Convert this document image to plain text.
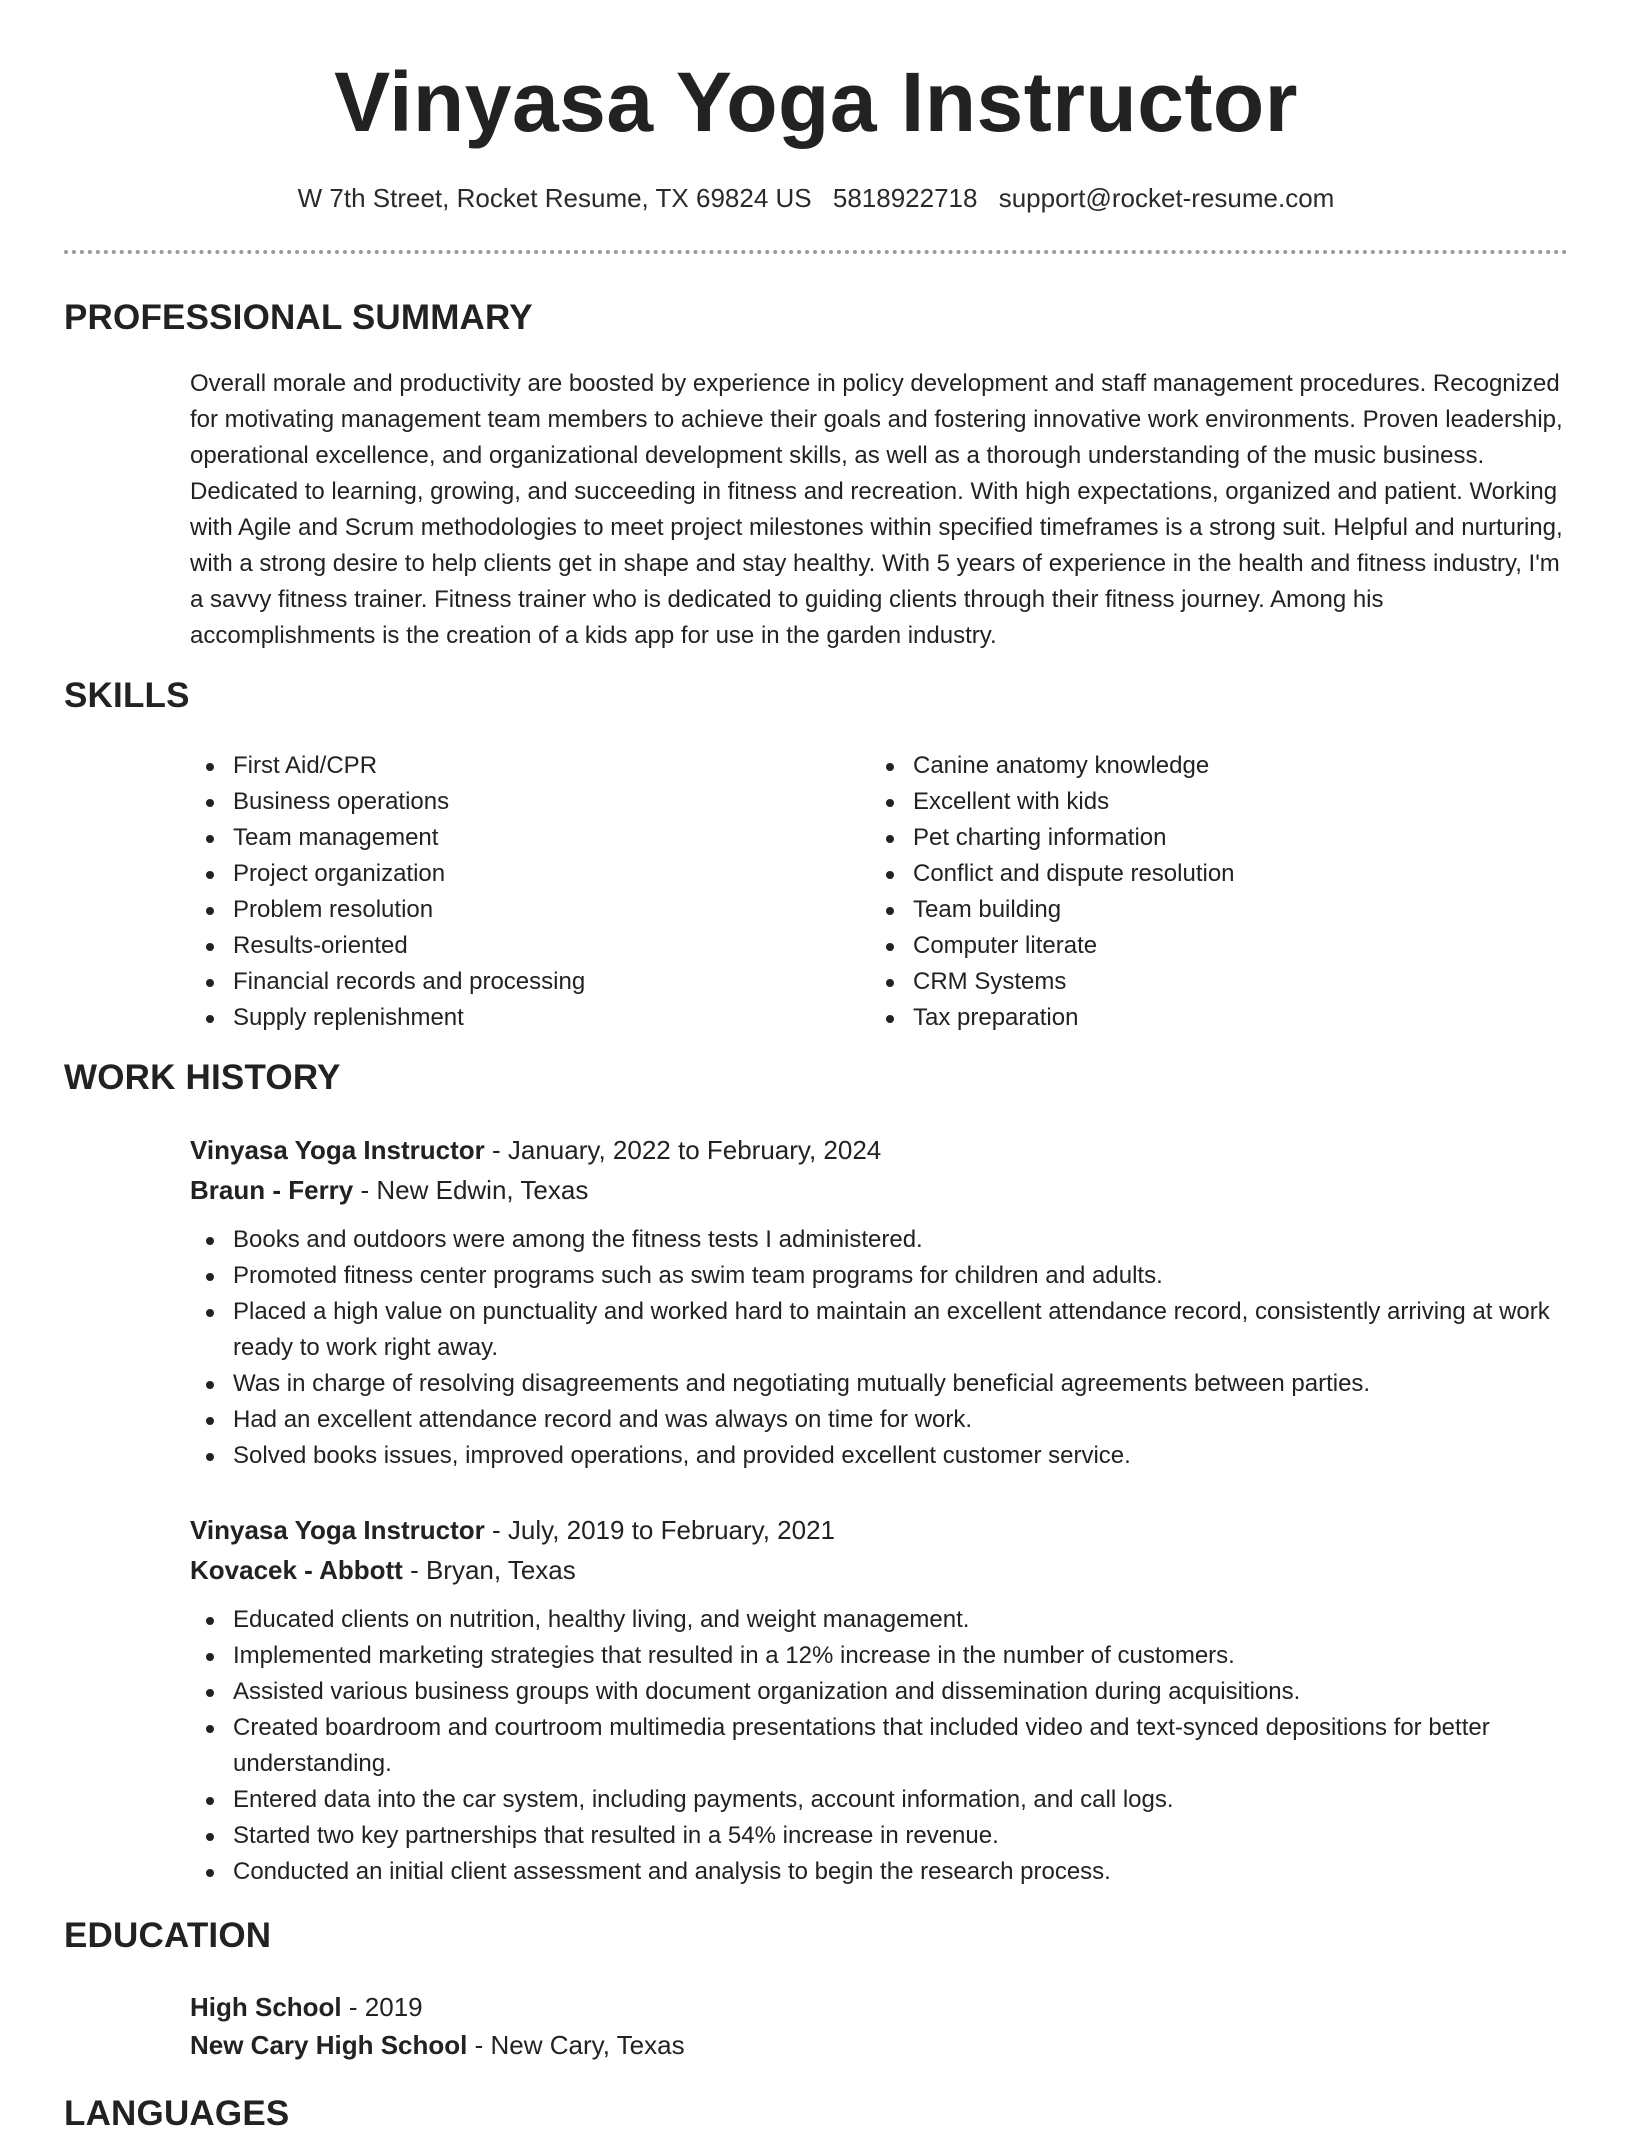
Vinyasa Yoga Instructor
W 7th Street, Rocket Resume, TX 69824 US 5818922718 support@rocket-resume.com
PROFESSIONAL SUMMARY
Overall morale and productivity are boosted by experience in policy development and staff management procedures. Recognized for motivating management team members to achieve their goals and fostering innovative work environments. Proven leadership, operational excellence, and organizational development skills, as well as a thorough understanding of the music business. Dedicated to learning, growing, and succeeding in fitness and recreation. With high expectations, organized and patient. Working with Agile and Scrum methodologies to meet project milestones within specified timeframes is a strong suit. Helpful and nurturing, with a strong desire to help clients get in shape and stay healthy. With 5 years of experience in the health and fitness industry, I'm a savvy fitness trainer. Fitness trainer who is dedicated to guiding clients through their fitness journey. Among his accomplishments is the creation of a kids app for use in the garden industry.
SKILLS
First Aid/CPR
Business operations
Team management
Project organization
Problem resolution
Results-oriented
Financial records and processing
Supply replenishment
Canine anatomy knowledge
Excellent with kids
Pet charting information
Conflict and dispute resolution
Team building
Computer literate
CRM Systems
Tax preparation
WORK HISTORY
Vinyasa Yoga Instructor - January, 2022 to February, 2024
Braun - Ferry - New Edwin, Texas
Books and outdoors were among the fitness tests I administered.
Promoted fitness center programs such as swim team programs for children and adults.
Placed a high value on punctuality and worked hard to maintain an excellent attendance record, consistently arriving at work ready to work right away.
Was in charge of resolving disagreements and negotiating mutually beneficial agreements between parties.
Had an excellent attendance record and was always on time for work.
Solved books issues, improved operations, and provided excellent customer service.
Vinyasa Yoga Instructor - July, 2019 to February, 2021
Kovacek - Abbott - Bryan, Texas
Educated clients on nutrition, healthy living, and weight management.
Implemented marketing strategies that resulted in a 12% increase in the number of customers.
Assisted various business groups with document organization and dissemination during acquisitions.
Created boardroom and courtroom multimedia presentations that included video and text-synced depositions for better understanding.
Entered data into the car system, including payments, account information, and call logs.
Started two key partnerships that resulted in a 54% increase in revenue.
Conducted an initial client assessment and analysis to begin the research process.
EDUCATION
High School - 2019
New Cary High School - New Cary, Texas
LANGUAGES
